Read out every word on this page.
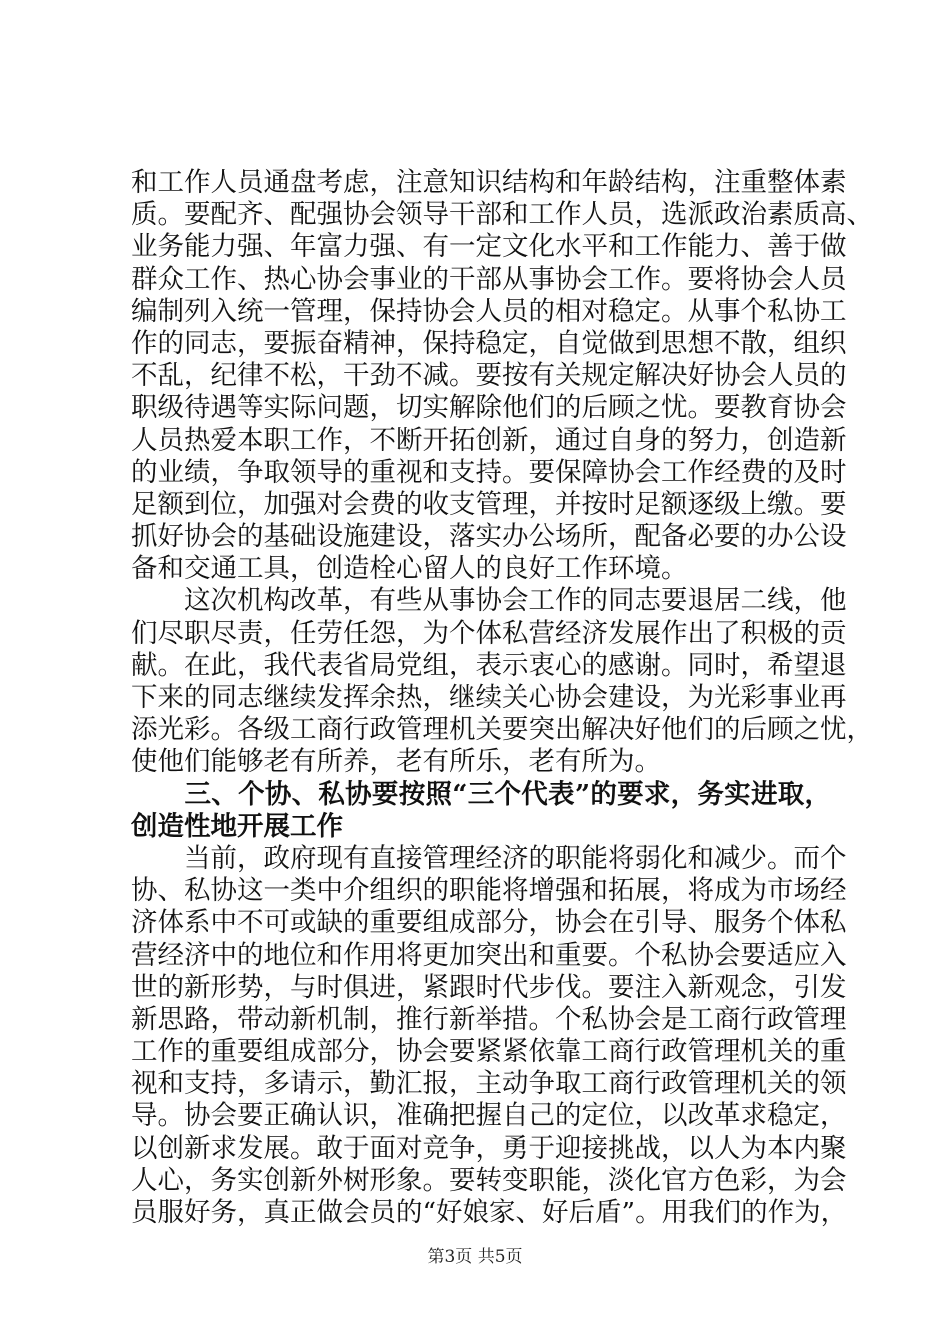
和工作人员通盘考虑，注意知识结构和年龄结构，注重整体素
质。要配齐、配强协会领导干部和工作人员，选派政治素质高、
业务能力强、年富力强、有一定文化水平和工作能力、善于做
群众工作、热心协会事业的干部从事协会工作。要将协会人员
编制列入统一管理，保持协会人员的相对稳定。从事个私协工
作的同志，要振奋精神，保持稳定，自觉做到思想不散，组织
不乱，纪律不松，干劲不减。要按有关规定解决好协会人员的
职级待遇等实际问题，切实解除他们的后顾之忧。要教育协会
人员热爱本职工作，不断开拓创新，通过自身的努力，创造新
的业绩，争取领导的重视和支持。要保障协会工作经费的及时
足额到位，加强对会费的收支管理，并按时足额逐级上缴。要
抓好协会的基础设施建设，落实办公场所，配备必要的办公设
备和交通工具，创造栓心留人的良好工作环境。
　　这次机构改革，有些从事协会工作的同志要退居二线，他
们尽职尽责，任劳任怨，为个体私营经济发展作出了积极的贡
献。在此，我代表省局党组，表示衷心的感谢。同时，希望退
下来的同志继续发挥余热，继续关心协会建设，为光彩事业再
添光彩。各级工商行政管理机关要突出解决好他们的后顾之忧，
使他们能够老有所养，老有所乐，老有所为。
　　三、个协、私协要按照“三个代表”的要求，务实进取，
创造性地开展工作
　　当前，政府现有直接管理经济的职能将弱化和减少。而个
协、私协这一类中介组织的职能将增强和拓展，将成为市场经
济体系中不可或缺的重要组成部分，协会在引导、服务个体私
营经济中的地位和作用将更加突出和重要。个私协会要适应入
世的新形势，与时俱进，紧跟时代步伐。要注入新观念，引发
新思路，带动新机制，推行新举措。个私协会是工商行政管理
工作的重要组成部分，协会要紧紧依靠工商行政管理机关的重
视和支持，多请示，勤汇报，主动争取工商行政管理机关的领
导。协会要正确认识，准确把握自己的定位，以改革求稳定，
以创新求发展。敢于面对竞争，勇于迎接挑战，以人为本内聚
人心，务实创新外树形象。要转变职能，淡化官方色彩，为会
员服好务，真正做会员的“好娘家、好后盾”。用我们的作为，
第3页 共5页
